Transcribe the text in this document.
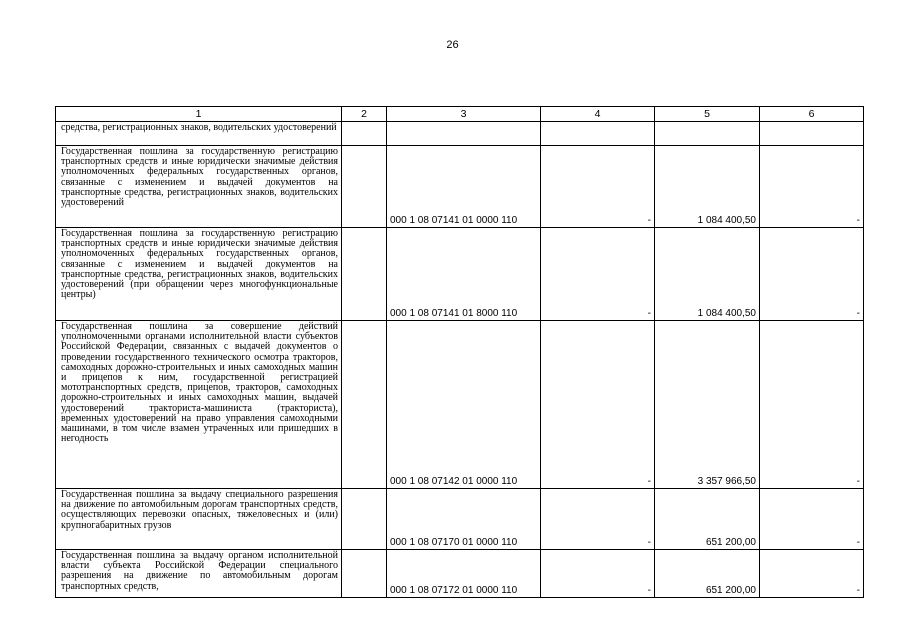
26
1	2	3	4	5	6
средства, регистрационных знаков, водительских удостоверений					
Государственная пошлина за государственную регистрацию транспортных средств и иные юридически значимые действия уполномоченных федеральных государственных органов, связанные с изменением и выдачей документов на транспортные средства, регистрационных знаков, водительских удостоверений		000 1 08 07141 01 0000 110	-	1 084 400,50	-
Государственная пошлина за государственную регистрацию транспортных средств и иные юридически значимые действия уполномоченных федеральных государственных органов, связанные с изменением и выдачей документов на транспортные средства, регистрационных знаков, водительских удостоверений (при обращении через многофункциональные центры)		000 1 08 07141 01 8000 110	-	1 084 400,50	-
Государственная пошлина за совершение действий уполномоченными органами исполнительной власти субъектов Российской Федерации, связанных с выдачей документов о проведении государственного технического осмотра тракторов, самоходных дорожно-строительных и иных самоходных машин и прицепов к ним, государственной регистрацией мототранспортных средств, прицепов, тракторов, самоходных дорожно-строительных и иных самоходных машин, выдачей удостоверений тракториста-машиниста (тракториста), временных удостоверений на право управления самоходными машинами, в том числе взамен утраченных или пришедших в негодность		000 1 08 07142 01 0000 110	-	3 357 966,50	-
Государственная пошлина за выдачу специального разрешения на движение по автомобильным дорогам транспортных средств, осуществляющих перевозки опасных, тяжеловесных и (или) крупногабаритных грузов		000 1 08 07170 01 0000 110	-	651 200,00	-
Государственная пошлина за выдачу органом исполнительной власти субъекта Российской Федерации специального разрешения на движение по автомобильным дорогам транспортных средств,		000 1 08 07172 01 0000 110	-	651 200,00	-
